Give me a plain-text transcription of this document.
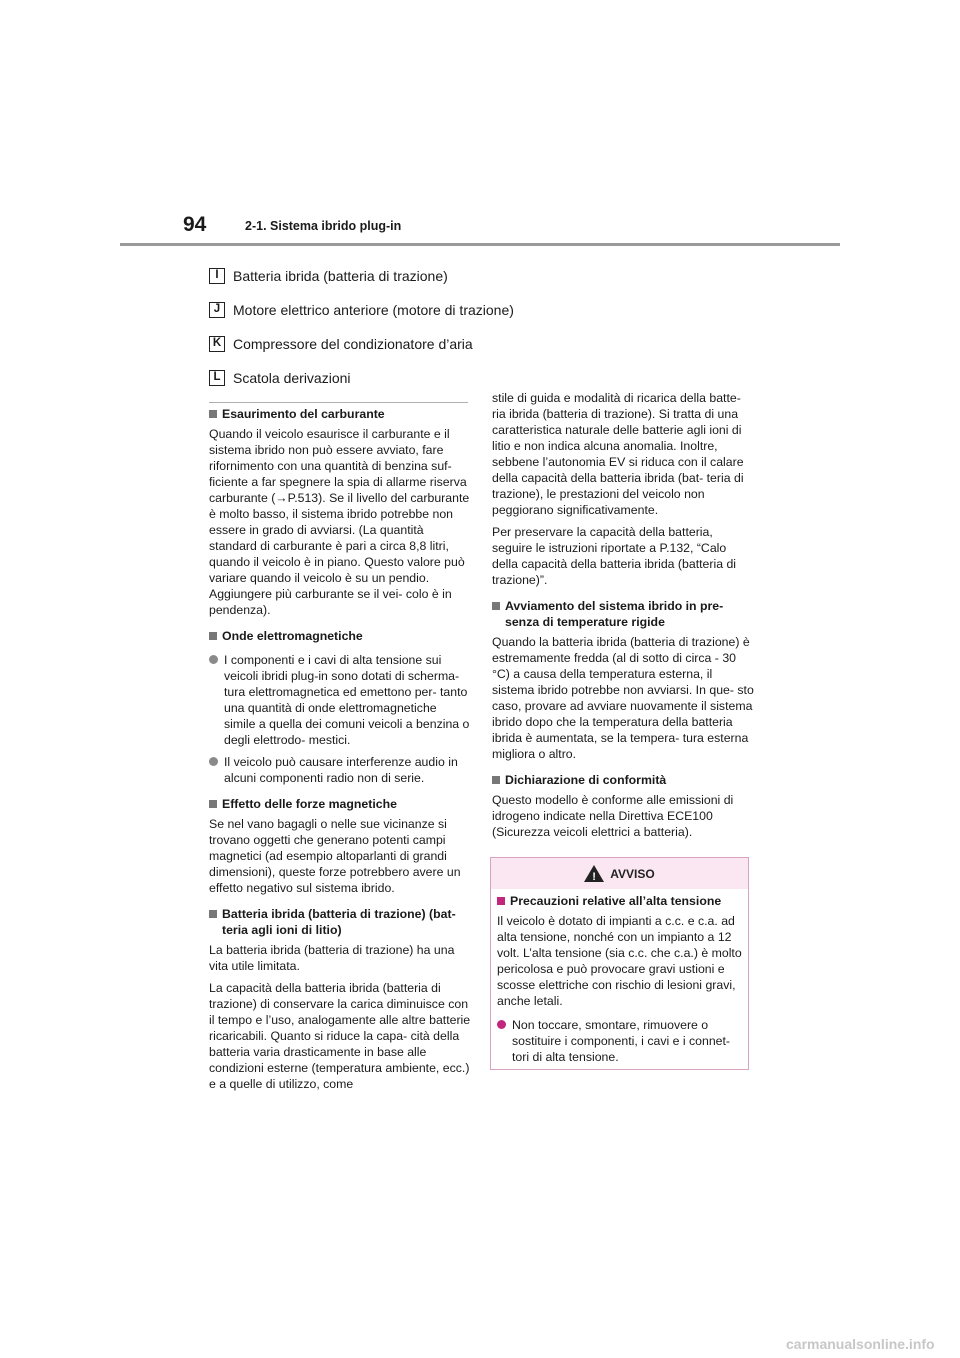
94	2-1. Sistema ibrido plug-in
I	Batteria ibrida (batteria di trazione)
J Motore elettrico anteriore (motore di trazione)
K Compressore del condizionatore d’aria
L Scatola derivazioni
Esaurimento del carburante

Quando il veicolo esaurisce il carburante e il sistema ibrido non può essere avviato, fare rifornimento con una quantità di benzina suf- ficiente a far spegnere la spia di allarme riserva carburante (→P.513). Se il livello del carburante è molto basso, il sistema ibrido potrebbe non essere in grado di avviarsi. (La quantità standard di carburante è pari a circa 8,8 litri, quando il veicolo è in piano. Questo valore può variare quando il veicolo è su un pendio. Aggiungere più carburante se il vei- colo è in pendenza).

Onde elettromagnetiche
I componenti e i cavi di alta tensione sui veicoli ibridi plug-in sono dotati di scherma- tura elettromagnetica ed emettono per- tanto una quantità di onde elettromagnetiche simile a quella dei comuni veicoli a benzina o degli elettrodo- mestici.
Il veicolo può causare interferenze audio in alcuni componenti radio non di serie.
Effetto delle forze magnetiche

Se nel vano bagagli o nelle sue vicinanze si trovano oggetti che generano potenti campi magnetici (ad esempio altoparlanti di grandi dimensioni), queste forze potrebbero avere un effetto negativo sul sistema ibrido.

Batteria ibrida (batteria di trazione) (bat- teria agli ioni di litio)

La batteria ibrida (batteria di trazione) ha una vita utile limitata.

La capacità della batteria ibrida (batteria di trazione) di conservare la carica diminuisce con il tempo e l’uso, analogamente alle altre batterie ricaricabili. Quanto si riduce la capa- cità della batteria varia drasticamente in base alle condizioni esterne (temperatura ambiente, ecc.) e a quelle di utilizzo, come

stile di guida e modalità di ricarica della batte- ria ibrida (batteria di trazione). Si tratta di una caratteristica naturale delle batterie agli ioni di litio e non indica alcuna anomalia. Inoltre, sebbene l’autonomia EV si riduca con il calare della capacità della batteria ibrida (bat- teria di trazione), le prestazioni del veicolo non peggiorano significativamente.

Per preservare la capacità della batteria, seguire le istruzioni riportate a P.132, “Calo della capacità della batteria ibrida (batteria di trazione)”.

Avviamento del sistema ibrido in pre- senza di temperature rigide

Quando la batteria ibrida (batteria di trazione) è estremamente fredda (al di sotto di circa - 30 °C) a causa della temperatura esterna, il sistema ibrido potrebbe non avviarsi. In que- sto caso, provare ad avviare nuovamente il sistema ibrido dopo che la temperatura della batteria ibrida è aumentata, se la tempera- tura esterna migliora o altro.

Dichiarazione di conformità

Questo modello è conforme alle emissioni di idrogeno indicate nella Direttiva ECE100 (Sicurezza veicoli elettrici a batteria).

! AVVISO
Precauzioni relative all’alta tensione

Il veicolo è dotato di impianti a c.c. e c.a. ad alta tensione, nonché con un impianto a 12 volt. L’alta tensione (sia c.c. che c.a.) è molto pericolosa e può provocare gravi ustioni e scosse elettriche con rischio di lesioni gravi, anche letali.

Non toccare, smontare, rimuovere o sostituire i componenti, i cavi e i connet- tori di alta tensione.
carmanualsonline.info
